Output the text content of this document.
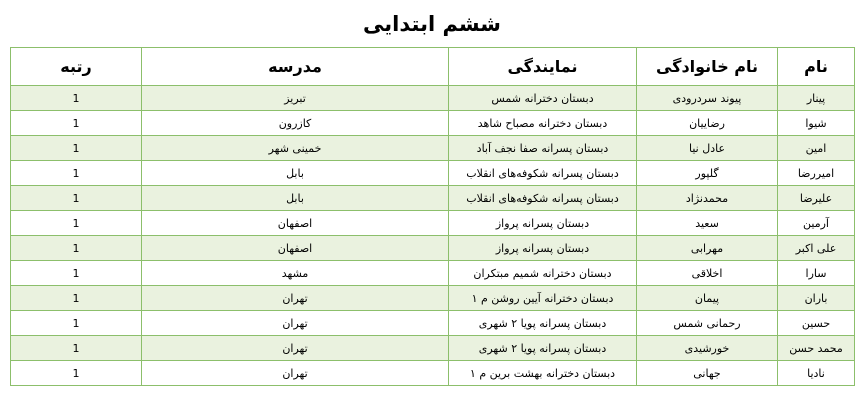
ششم ابتدایی
نام	نام خانوادگی	نمایندگی	مدرسه	رتبه
پینار	پیوند سردرودی	دبستان دخترانه شمس	تبریز	1
شیوا	رضاییان	دبستان دخترانه مصباح شاهد	کازرون	1
امین	عادل نیا	دبستان پسرانه صفا نجف آباد	خمینی شهر	1
امیررضا	گلپور	دبستان پسرانه شکوفه‌های انقلاب	بابل	1
علیرضا	محمدنژاد	دبستان پسرانه شکوفه‌های انقلاب	بابل	1
آرمین	سعید	دبستان پسرانه پرواز	اصفهان	1
علی اکبر	مهرابی	دبستان پسرانه پرواز	اصفهان	1
سارا	اخلاقی	دبستان دخترانه شمیم مبتکران	مشهد	1
باران	پیمان	دبستان دخترانه آیین روشن م ۱	تهران	1
حسین	رحمانی شمس	دبستان پسرانه پویا ۲ شهری	تهران	1
محمد حسن	خورشیدی	دبستان پسرانه پویا ۲ شهری	تهران	1
نادیا	جهانی	دبستان دخترانه بهشت برین م ۱	تهران	1
